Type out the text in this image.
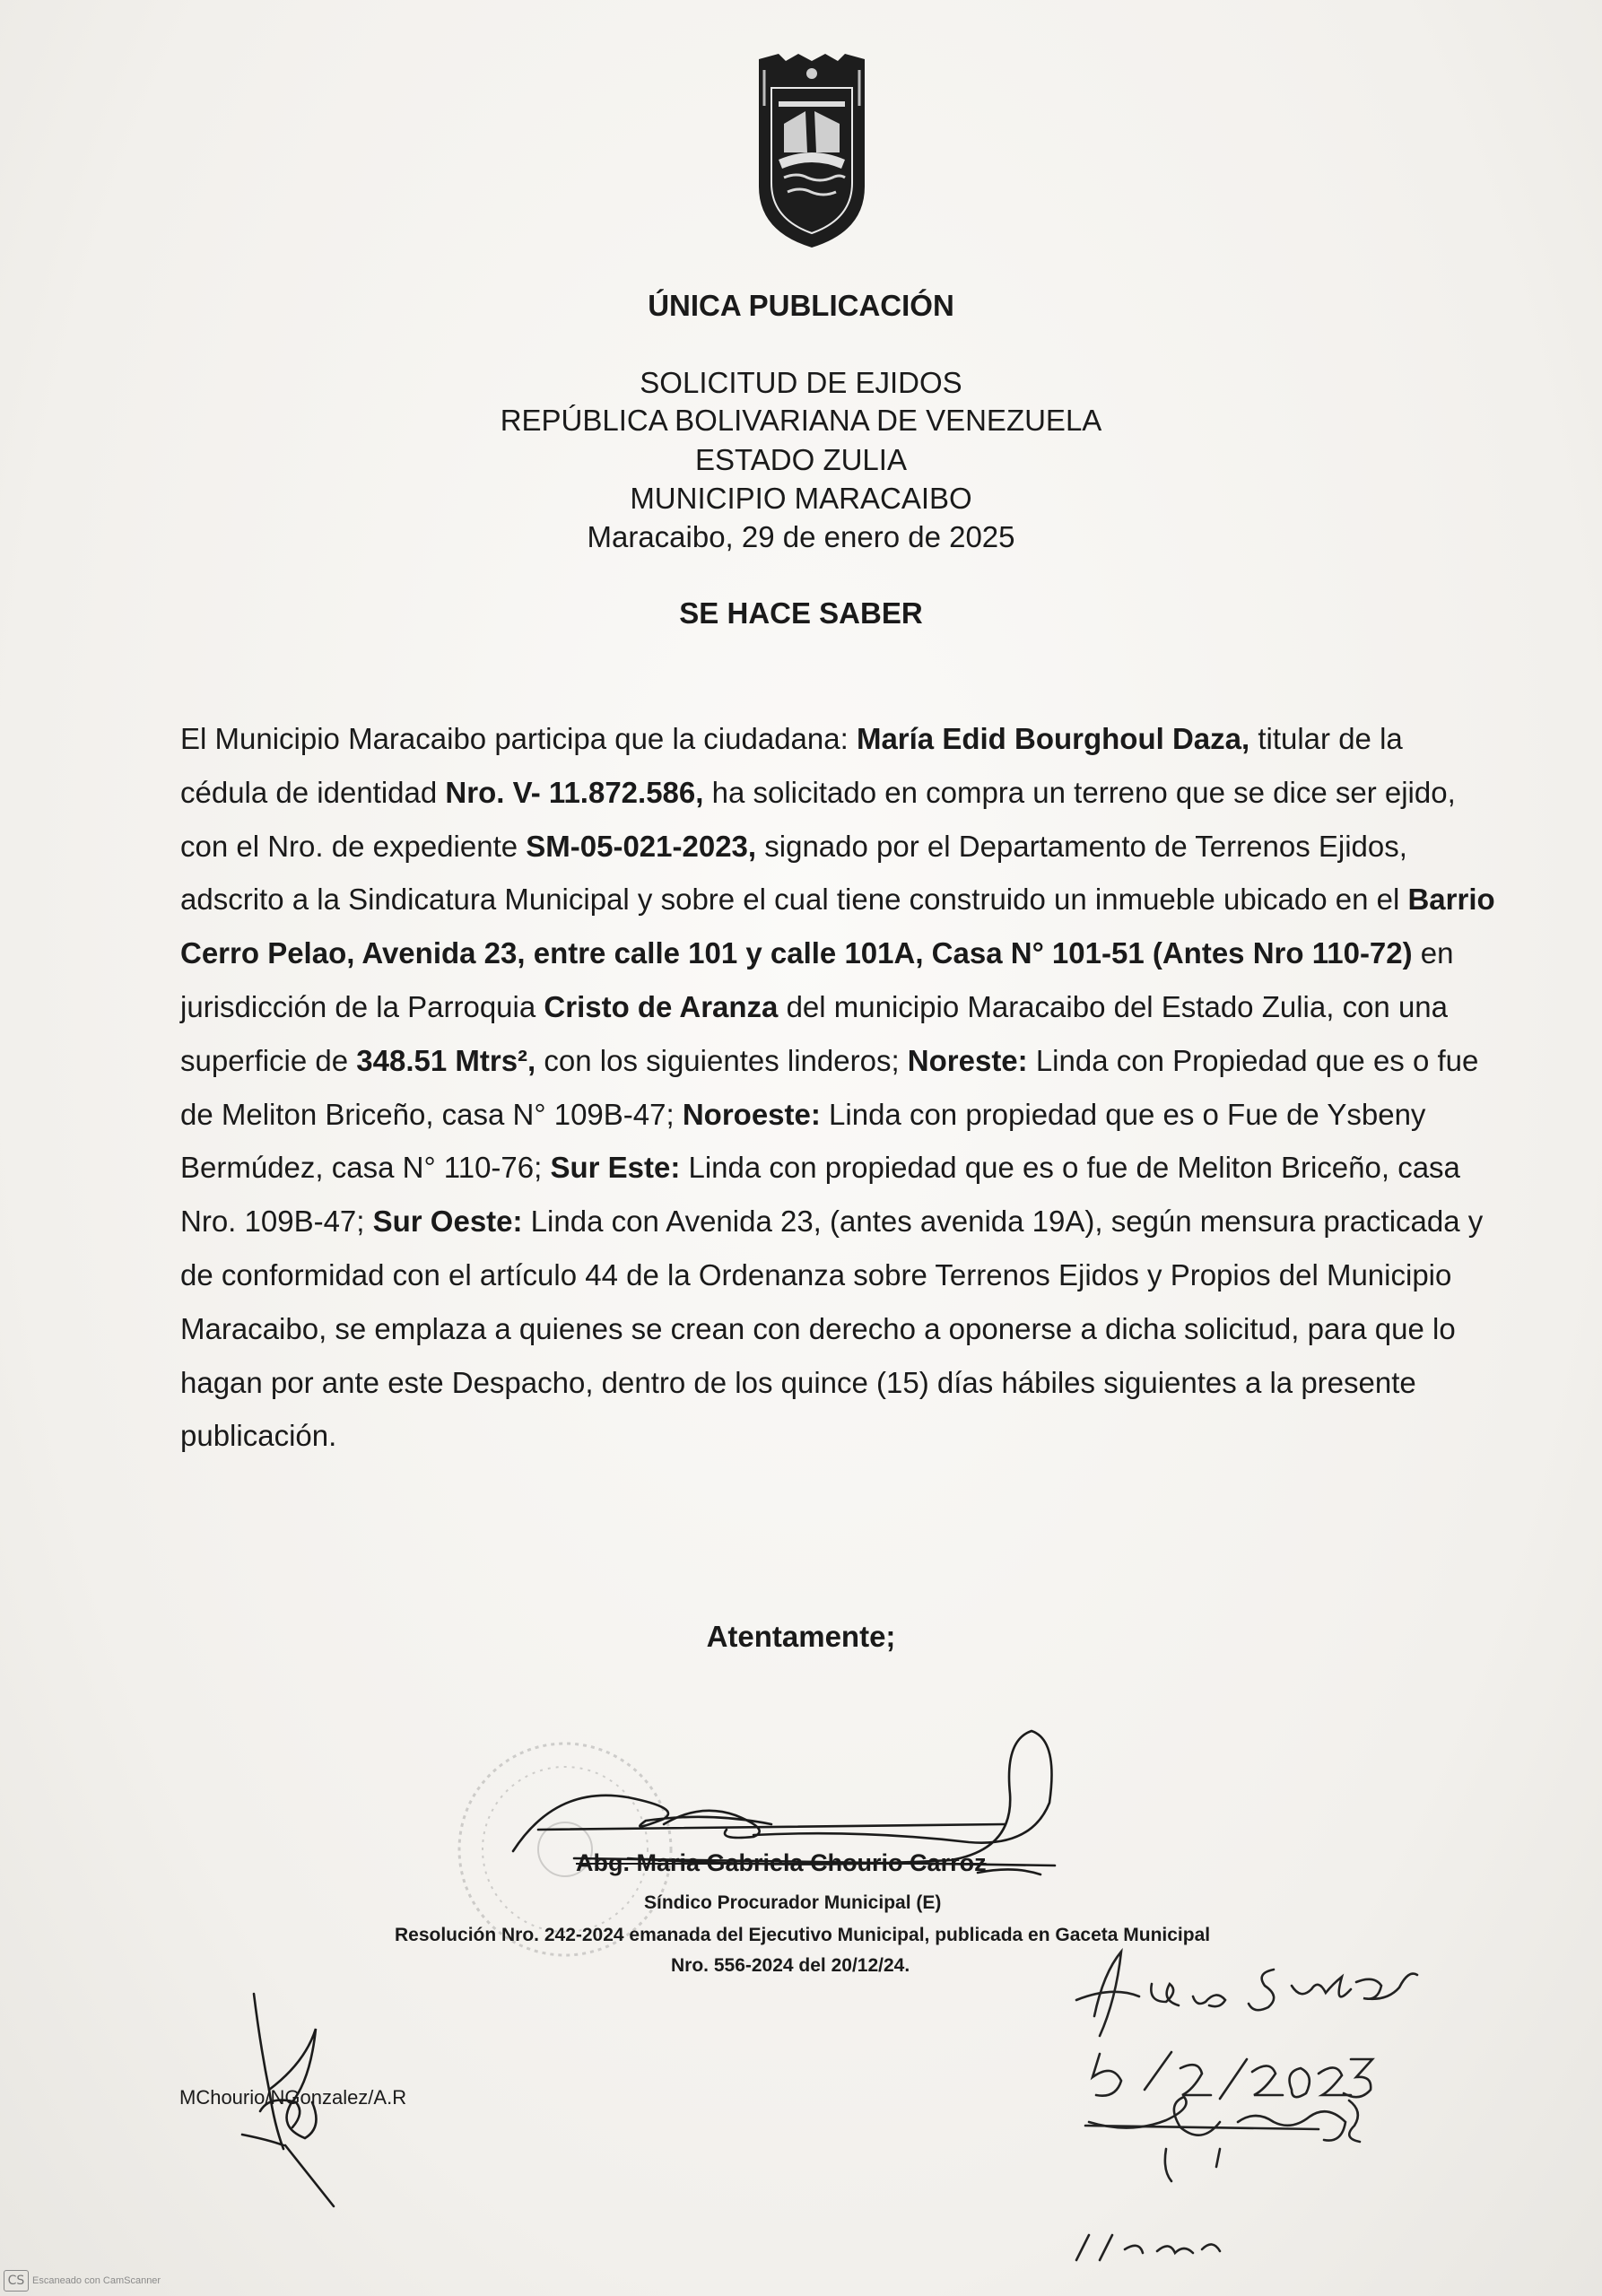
ÚNICA PUBLICACIÓN
SOLICITUD DE EJIDOS
REPÚBLICA BOLIVARIANA DE VENEZUELA
ESTADO ZULIA
MUNICIPIO MARACAIBO
Maracaibo, 29 de enero de 2025
SE HACE SABER
El Municipio Maracaibo participa que la ciudadana: María Edid Bourghoul Daza, titular de la
cédula de identidad Nro. V- 11.872.586, ha solicitado en compra un terreno que se dice ser ejido,
con el Nro. de expediente SM-05-021-2023, signado por el Departamento de Terrenos Ejidos,
adscrito a la Sindicatura Municipal y sobre el cual tiene construido un inmueble ubicado en el Barrio
Cerro Pelao, Avenida 23, entre calle 101 y calle 101A, Casa N° 101-51 (Antes Nro 110-72) en
jurisdicción de la Parroquia Cristo de Aranza del municipio Maracaibo del Estado Zulia, con una
superficie de 348.51 Mtrs², con los siguientes linderos; Noreste: Linda con Propiedad que es o fue
de Meliton Briceño, casa N° 109B-47; Noroeste: Linda con propiedad que es o Fue de Ysbeny
Bermúdez, casa N° 110-76; Sur Este: Linda con propiedad que es o fue de Meliton Briceño, casa
Nro. 109B-47; Sur Oeste: Linda con Avenida 23, (antes avenida 19A), según mensura practicada y
de conformidad con el artículo 44 de la Ordenanza sobre Terrenos Ejidos y Propios del Municipio
Maracaibo, se emplaza a quienes se crean con derecho a oponerse a dicha solicitud, para que lo
hagan por ante este Despacho, dentro de los quince (15) días hábiles siguientes a la presente
publicación.
Atentamente;
Abg. Maria Gabriela Chourio Carroz
Síndico Procurador Municipal (E)
Resolución Nro. 242-2024 emanada del Ejecutivo Municipal, publicada en Gaceta Municipal
Nro. 556-2024 del 20/12/24.
MChourio/NGonzalez/A.R
CS Escaneado con CamScanner
